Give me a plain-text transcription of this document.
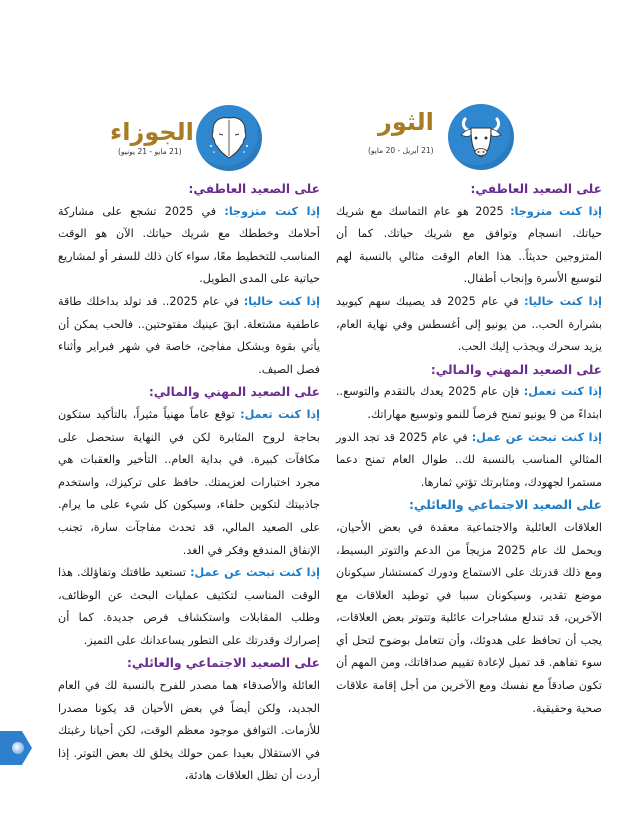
الثور
(21 أبريل - 20 مايو)
الجوزاء
(21 مايو - 21 يونيو)

على الصعيد العاطفي:

إذا كنت متزوجا: 2025 هو عام التماسك مع شريك حياتك. انسجام وتوافق مع شريك حياتك. كما أن المتزوجين حديثاً.. هذا العام الوقت مثالي بالنسبة لهم لتوسيع الأسرة وإنجاب أطفال.

إذا كنت خاليا: في عام 2025 قد يصيبك سهم كيوبيد بشرارة الحب.. من يونيو إلى أغسطس وفي نهاية العام، يزيد سحرك ويجذب إليك الحب.

على الصعيد المهني والمالي:

إذا كنت تعمل: فإن عام 2025 يعدك بالتقدم والتوسع.. ابتداءً من 9 يونيو تمنح فرصاً للنمو وتوسيع مهاراتك.

إذا كنت تبحث عن عمل: في عام 2025 قد تجد الدور المثالي المناسب بالنسبة لك.. طوال العام تمنح دعما مستمرا لجهودك، ومثابرتك تؤتي ثمارها.

على الصعيد الاجتماعي والعائلي:

العلاقات العائلية والاجتماعية معقدة في بعض الأحيان، ويحمل لك عام 2025 مزيجاً من الدعم والتوتر البسيط، ومع ذلك قدرتك على الاستماع ودورك كمستشار سيكونان موضع تقدير، وسيكونان سببا في توطيد العلاقات مع الآخرين، قد تندلع مشاجرات عائلية وتتوتر بعض العلاقات، يجب أن تحافظ على هدوئك، وأن تتعامل بوضوح لتحل أي سوء تفاهم. قد تميل لإعادة تقييم صداقاتك، ومن المهم أن تكون صادقاً مع نفسك ومع الآخرين من أجل إقامة علاقات صحية وحقيقية.

على الصعيد العاطفي:

إذا كنت متزوجا: في 2025 تشجع على مشاركة أحلامك وخططك مع شريك حياتك. الآن هو الوقت المناسب للتخطيط معًا، سواء كان ذلك للسفر أو لمشاريع حياتية على المدى الطويل.

إذا كنت خاليا: في عام 2025.. قد تولد بداخلك طاقة عاطفية مشتعلة. ابقَ عينيك مفتوحتين.. فالحب يمكن أن يأتي بقوة وبشكل مفاجئ، خاصة في شهر فبراير وأثناء فصل الصيف.

على الصعيد المهني والمالي:

إذا كنت تعمل: توقع عاماً مهنياً مثيراً، بالتأكيد ستكون بحاجة لروح المثابرة لكن في النهاية ستحصل على مكافآت كبيرة. في بداية العام.. التأخير والعقبات هي مجرد اختبارات لعزيمتك. حافظ على تركيزك، واستخدم جاذبيتك لتكوين حلفاء، وسيكون كل شيء على ما يرام. على الصعيد المالي، قد تحدث مفاجآت سارة، تجنب الإنفاق المندفع وفكر في الغد.

إذا كنت تبحث عن عمل: تستعيد طاقتك وتفاؤلك. هذا الوقت المناسب لتكثيف عمليات البحث عن الوظائف، وطلب المقابلات واستكشاف فرص جديدة. كما أن إصرارك وقدرتك على التطور يساعدانك على التميز.

على الصعيد الاجتماعي والعائلي:

العائلة والأصدقاء هما مصدر للفرح بالنسبة لك في العام الجديد، ولكن أيضاً في بعض الأحيان قد يكونا مصدرا للأزمات. التوافق موجود معظم الوقت، لكن أحيانا رغبتك في الاستقلال بعيدا عمن حولك يخلق لك بعض التوتر. إذا أردت أن تظل العلاقات هادئة،
